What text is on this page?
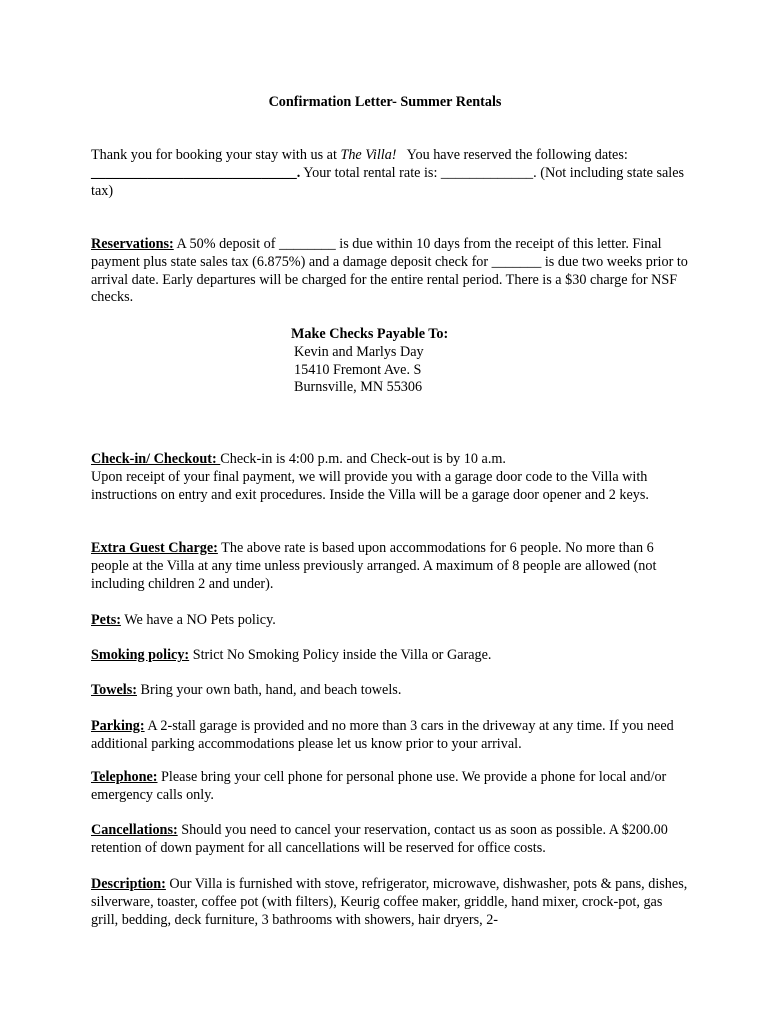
Confirmation Letter- Summer Rentals

Thank you for booking your stay with us at The Villa!   You have reserved the following dates: _____________________________. Your total rental rate is: _____________. (Not including state sales tax)

Reservations: A 50% deposit of ________ is due within 10 days from the receipt of this letter. Final payment plus state sales tax (6.875%) and a damage deposit check for _______ is due two weeks prior to arrival date. Early departures will be charged for the entire rental period. There is a $30 charge for NSF checks.

Make Checks Payable To:
Kevin and Marlys Day
15410 Fremont Ave. S
Burnsville, MN 55306

Check-in/ Checkout: Check-in is 4:00 p.m. and Check-out is by 10 a.m.
Upon receipt of your final payment, we will provide you with a garage door code to the Villa with instructions on entry and exit procedures. Inside the Villa will be a garage door opener and 2 keys.

Extra Guest Charge: The above rate is based upon accommodations for 6 people. No more than 6 people at the Villa at any time unless previously arranged. A maximum of 8 people are allowed (not including children 2 and under).

Pets: We have a NO Pets policy.

Smoking policy: Strict No Smoking Policy inside the Villa or Garage.

Towels: Bring your own bath, hand, and beach towels.

Parking: A 2-stall garage is provided and no more than 3 cars in the driveway at any time. If you need additional parking accommodations please let us know prior to your arrival.

Telephone: Please bring your cell phone for personal phone use. We provide a phone for local and/or emergency calls only.

Cancellations: Should you need to cancel your reservation, contact us as soon as possible. A $200.00 retention of down payment for all cancellations will be reserved for office costs.

Description: Our Villa is furnished with stove, refrigerator, microwave, dishwasher, pots & pans, dishes, silverware, toaster, coffee pot (with filters), Keurig coffee maker, griddle, hand mixer, crock-pot, gas grill, bedding, deck furniture, 3 bathrooms with showers, hair dryers, 2-
